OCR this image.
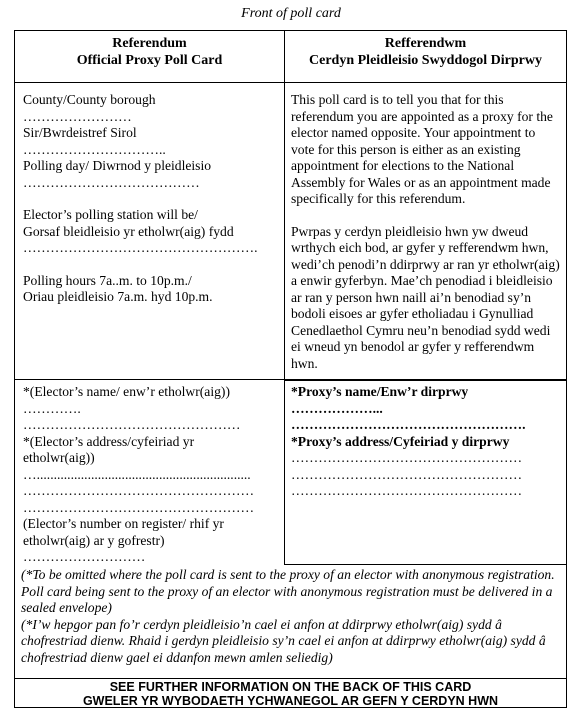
Front of poll card
Referendum
Official Proxy Poll Card
Refferendwm
Cerdyn Pleidleisio Swyddogol Dirprwy
County/County borough
……………………
Sir/Bwrdeistref Sirol
…………………………..
Polling day/ Diwrnod y pleidleisio
…………………………………
Elector’s polling station will be/
Gorsaf bleidleisio yr etholwr(aig) fydd
…………………………………………….
Polling hours 7a..m. to 10p.m./
Oriau pleidleisio 7a.m. hyd 10p.m.
This poll card is to tell you that for this referendum you are appointed as a proxy for the elector named opposite. Your appointment to vote for this person is either as an existing appointment for elections to the National Assembly for Wales or as an appointment made specifically for this referendum.
Pwrpas y cerdyn pleidleisio hwn yw dweud wrthych eich bod, ar gyfer y refferendwm hwn, wedi’ch penodi’n ddirprwy ar ran yr etholwr(aig) a enwir gyferbyn. Mae’ch penodiad i bleidleisio ar ran y person hwn naill ai’n benodiad sy’n bodoli eisoes ar gyfer etholiadau i Gynulliad Cenedlaethol Cymru neu’n benodiad sydd wedi ei wneud yn benodol ar gyfer y refferendwm hwn.
*(Elector’s name/ enw’r etholwr(aig))
………….
…………………………………………
*(Elector’s address/cyfeiriad yr
etholwr(aig))
…...............................................................
……………………………………………
……………………………………………
(Elector’s number on register/ rhif yr
etholwr(aig) ar y gofrestr)
………………………
*Proxy’s name/Enw’r dirprwy
………………...
…………………………………………….
*Proxy’s address/Cyfeiriad y dirprwy
……………………………………………
……………………………………………
……………………………………………
(*To be omitted where the poll card is sent to the proxy of an elector with anonymous registration. Poll card being sent to the proxy of an elector with anonymous registration must be delivered in a sealed envelope)
(*I’w hepgor pan fo’r cerdyn pleidleisio’n cael ei anfon at ddirprwy etholwr(aig) sydd â chofrestriad dienw. Rhaid i gerdyn pleidleisio sy’n cael ei anfon at ddirprwy etholwr(aig) sydd â chofrestriad dienw gael ei ddanfon mewn amlen seliedig)
SEE FURTHER INFORMATION ON THE BACK OF THIS CARD
GWELER YR WYBODAETH YCHWANEGOL AR GEFN Y CERDYN HWN
